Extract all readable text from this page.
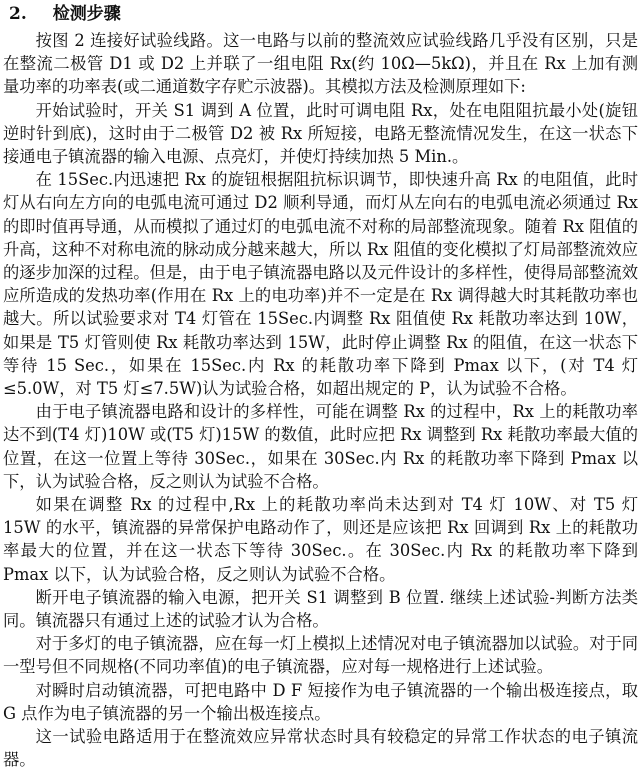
2. 检测步骤

按图 2 连接好试验线路。这一电路与以前的整流效应试验线路几乎没有区别，只是在整流二极管 D1 或 D2 上并联了一组电阻 Rx(约 10Ω—5kΩ)，并且在 Rx 上加有测量功率的功率表(或二通道数字存贮示波器)。其模拟方法及检测原理如下:

开始试验时，开关 S1 调到 A 位置，此时可调电阻 Rx，处在电阻阻抗最小处(旋钮逆时针到底)，这时由于二极管 D2 被 Rx 所短接，电路无整流情况发生，在这一状态下接通电子镇流器的输入电源、点亮灯，并使灯持续加热 5 Min.。

在 15Sec.内迅速把 Rx 的旋钮根据阻抗标识调节，即快速升高 Rx 的电阻值，此时灯从右向左方向的电弧电流可通过 D2 顺利导通，而灯从左向右的电弧电流必须通过 Rx 的即时值再导通，从而模拟了通过灯的电弧电流不对称的局部整流现象。随着 Rx 阻值的升高，这种不对称电流的脉动成分越来越大，所以 Rx 阻值的变化模拟了灯局部整流效应的逐步加深的过程。但是，由于电子镇流器电路以及元件设计的多样性，使得局部整流效应所造成的发热功率(作用在 Rx 上的电功率)并不一定是在 Rx 调得越大时其耗散功率也越大。所以试验要求对 T4 灯管在 15Sec.内调整 Rx 阻值使 Rx 耗散功率达到 10W，如果是 T5 灯管则使 Rx 耗散功率达到 15W，此时停止调整 Rx 的阻值，在这一状态下等待 15 Sec.，如果在 15Sec.内 Rx 的耗散功率下降到 Pmax 以下，(对 T4 灯≤5.0W，对 T5 灯≤7.5W)认为试验合格，如超出规定的 P，认为试验不合格。

由于电子镇流器电路和设计的多样性，可能在调整 Rx 的过程中，Rx 上的耗散功率达不到(T4 灯)10W 或(T5 灯)15W 的数值，此时应把 Rx 调整到 Rx 耗散功率最大值的位置，在这一位置上等待 30Sec.，如果在 30Sec.内 Rx 的耗散功率下降到 Pmax 以下，认为试验合格，反之则认为试验不合格。

如果在调整 Rx 的过程中,Rx 上的耗散功率尚未达到对 T4 灯 10W、对 T5 灯 15W 的水平，镇流器的异常保护电路动作了，则还是应该把 Rx 回调到 Rx 上的耗散功率最大的位置，并在这一状态下等待 30Sec.。在 30Sec.内 Rx 的耗散功率下降到 Pmax 以下，认为试验合格，反之则认为试验不合格。

断开电子镇流器的输入电源，把开关 S1 调整到 B 位置. 继续上述试验-判断方法类同。镇流器只有通过上述的试验才认为合格。

对于多灯的电子镇流器，应在每一灯上模拟上述情况对电子镇流器加以试验。对于同一型号但不同规格(不同功率值)的电子镇流器，应对每一规格进行上述试验。

对瞬时启动镇流器，可把电路中 D F 短接作为电子镇流器的一个输出极连接点，取 G 点作为电子镇流器的另一个输出极连接点。

这一试验电路适用于在整流效应异常状态时具有较稳定的异常工作状态的电子镇流器。
